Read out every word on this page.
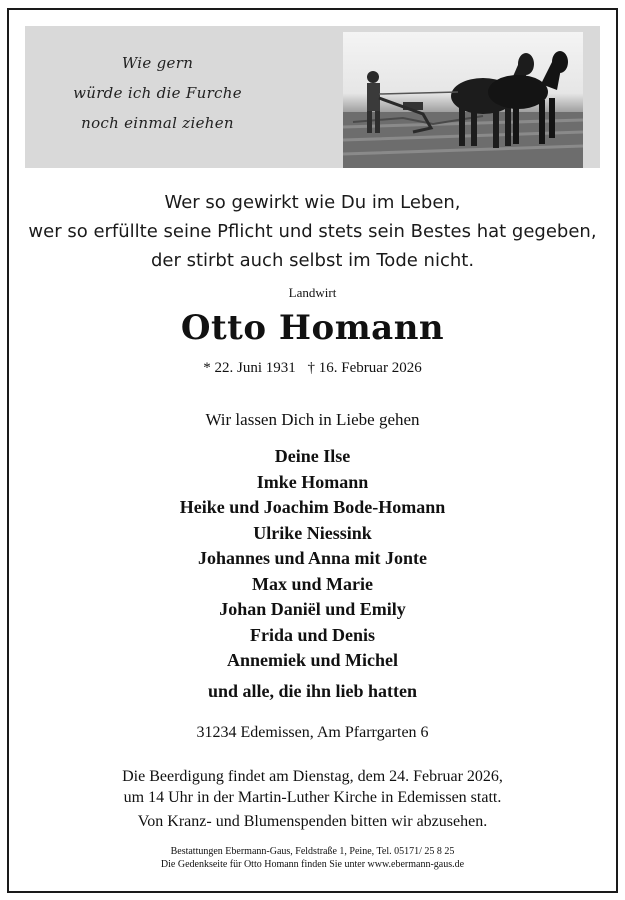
Wie gern
würde ich die Furche
noch einmal ziehen
Wer so gewirkt wie Du im Leben,
wer so erfüllte seine Pflicht und stets sein Bestes hat gegeben,
der stirbt auch selbst im Tode nicht.
Landwirt
Otto Homann
* 22. Juni 1931 † 16. Februar 2026
Wir lassen Dich in Liebe gehen
Deine Ilse
Imke Homann
Heike und Joachim Bode-Homann
Ulrike Niessink
Johannes und Anna mit Jonte
Max und Marie
Johan Daniël und Emily
Frida und Denis
Annemiek und Michel
und alle, die ihn lieb hatten
31234 Edemissen, Am Pfarrgarten 6
Die Beerdigung findet am Dienstag, dem 24. Februar 2026,
um 14 Uhr in der Martin-Luther Kirche in Edemissen statt.
Von Kranz- und Blumenspenden bitten wir abzusehen.
Bestattungen Ebermann-Gaus, Feldstraße 1, Peine, Tel. 05171/ 25 8 25
Die Gedenkseite für Otto Homann finden Sie unter www.ebermann-gaus.de
